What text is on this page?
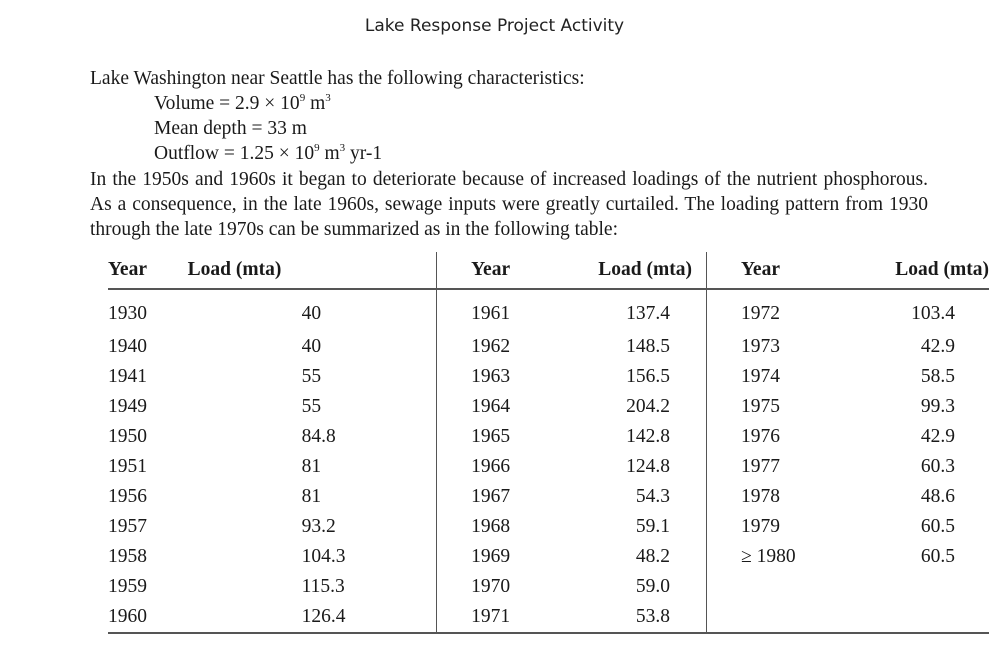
Lake Response Project Activity
Lake Washington near Seattle has the following characteristics:
Volume = $2.9 \times 10^9$ $m^3$
Mean depth = 33 m
Outflow = $1.25 \times 10^9$ $m^3$ yr-1
In the 1950s and 1960s it began to deteriorate because of increased loadings of the nutrient phosphorous. As a consequence, in the late 1960s, sewage inputs were greatly curtailed. The loading pattern from 1930 through the late 1970s can be summarized as in the following table:
Year	Load (mta)	Year	Load (mta)	Year	Load (mta)
1930	40	1961	137.4	1972	103.4
1940	40	1962	148.5	1973	42.9
1941	55	1963	156.5	1974	58.5
1949	55	1964	204.2	1975	99.3
1950	84.8	1965	142.8	1976	42.9
1951	81	1966	124.8	1977	60.3
1956	81	1967	54.3	1978	48.6
1957	93.2	1968	59.1	1979	60.5
1958	104.3	1969	48.2	≥ 1980	60.5
1959	115.3	1970	59.0		
1960	126.4	1971	53.8		
